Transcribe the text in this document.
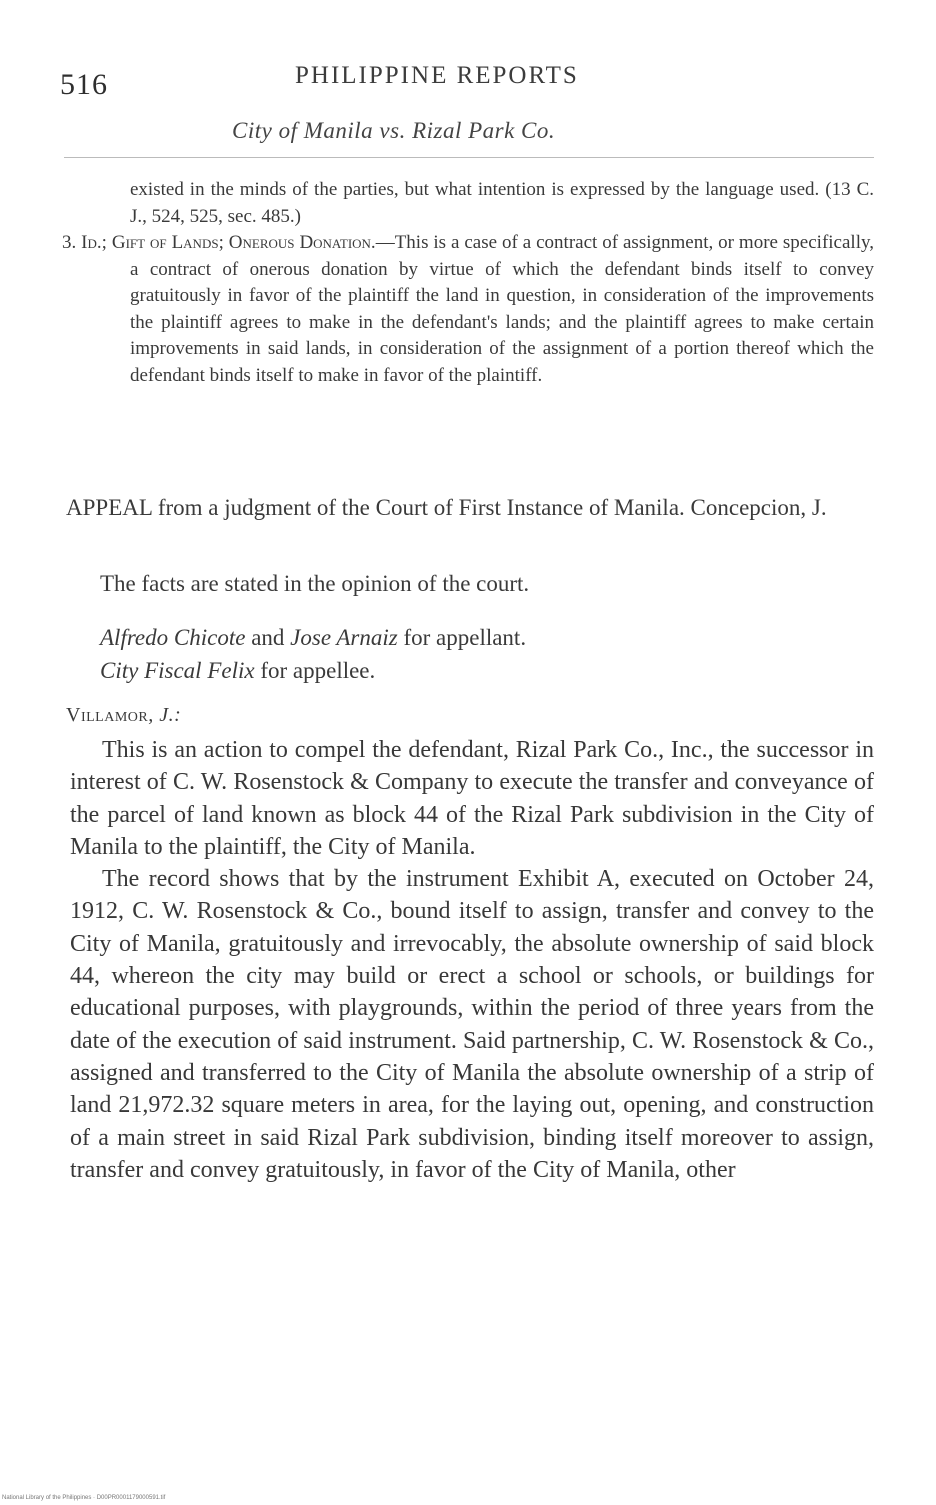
516	PHILIPPINE REPORTS
City of Manila vs. Rizal Park Co.

existed in the minds of the parties, but what intention is expressed by the language used. (13 C. J., 524, 525, sec. 485.)

3. Id.; Gift of Lands; Onerous Donation.—This is a case of a contract of assignment, or more specifically, a contract of onerous donation by virtue of which the defendant binds itself to convey gratuitously in favor of the plaintiff the land in question, in consideration of the improvements the plaintiff agrees to make in the defendant's lands; and the plaintiff agrees to make certain improvements in said lands, in consideration of the assignment of a portion thereof which the defendant binds itself to make in favor of the plaintiff.

APPEAL from a judgment of the Court of First Instance of Manila. Concepcion, J.

The facts are stated in the opinion of the court.

Alfredo Chicote and Jose Arnaiz for appellant.

City Fiscal Felix for appellee.

Villamor, J.:

This is an action to compel the defendant, Rizal Park Co., Inc., the successor in interest of C. W. Rosenstock & Company to execute the transfer and conveyance of the parcel of land known as block 44 of the Rizal Park subdivision in the City of Manila to the plaintiff, the City of Manila.

The record shows that by the instrument Exhibit A, executed on October 24, 1912, C. W. Rosenstock & Co., bound itself to assign, transfer and convey to the City of Manila, gratuitously and irrevocably, the absolute ownership of said block 44, whereon the city may build or erect a school or schools, or buildings for educational purposes, with playgrounds, within the period of three years from the date of the execution of said instrument. Said partnership, C. W. Rosenstock & Co., assigned and transferred to the City of Manila the absolute ownership of a strip of land 21,972.32 square meters in area, for the laying out, opening, and construction of a main street in said Rizal Park subdivision, binding itself moreover to assign, transfer and convey gratuitously, in favor of the City of Manila, other

National Library of the Philippines · D00PR0001179000591.tif
